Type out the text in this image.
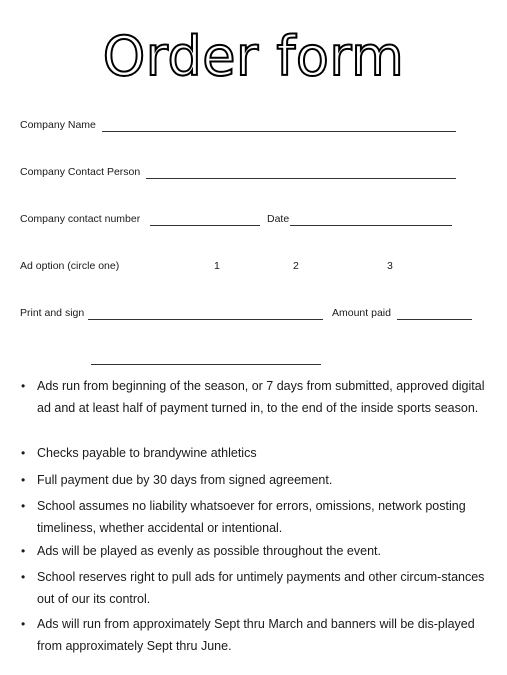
Order form
Company Name
Company Contact Person
Company contact number	Date
Ad option (circle one)	1	2	3
Print and sign	Amount paid
• Ads run from beginning of the season, or 7 days from submitted, approved digital ad and at least half of payment turned in, to the end of the inside sports season.
• Checks payable to brandywine athletics
• Full payment due by 30 days from signed agreement.
• School assumes no liability whatsoever for errors, omissions, network posting timeliness, whether accidental or intentional.
• Ads will be played as evenly as possible throughout the event.
• School reserves right to pull ads for untimely payments and other circum-stances out of our its control.
• Ads will run from approximately Sept thru March and banners will be dis-played from approximately Sept thru June.
